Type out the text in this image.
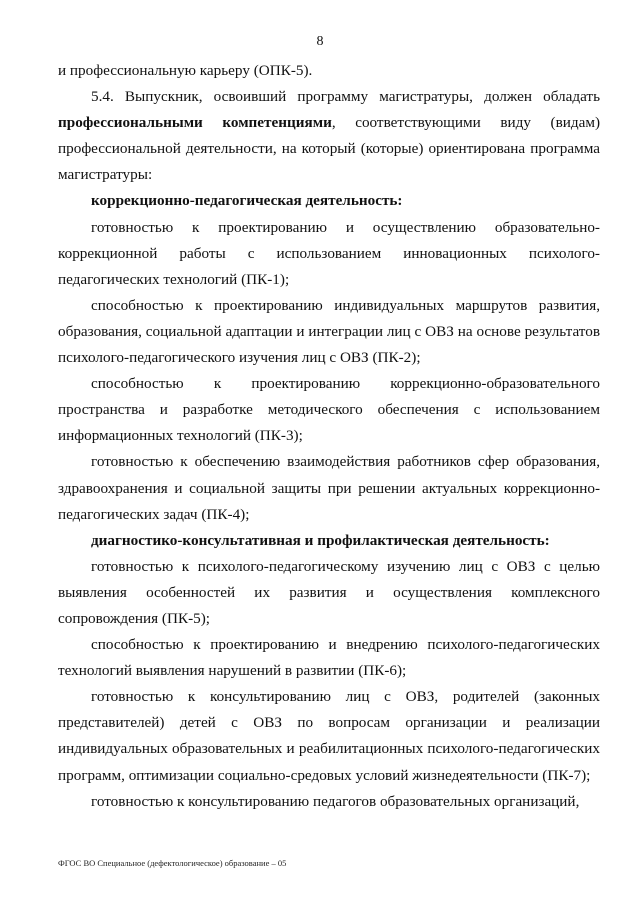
8

и профессиональную карьеру (ОПК-5).

5.4. Выпускник, освоивший программу магистратуры, должен обладать профессиональными компетенциями, соответствующими виду (видам) профессиональной деятельности, на который (которые) ориентирована программа магистратуры:

коррекционно-педагогическая деятельность:

готовностью к проектированию и осуществлению образовательно-коррекционной работы с использованием инновационных психолого-педагогических технологий (ПК-1);

способностью к проектированию индивидуальных маршрутов развития, образования, социальной адаптации и интеграции лиц с ОВЗ на основе результатов психолого-педагогического изучения лиц с ОВЗ (ПК-2);

способностью к проектированию коррекционно-образовательного пространства и разработке методического обеспечения с использованием информационных технологий (ПК-3);

готовностью к обеспечению взаимодействия работников сфер образования, здравоохранения и социальной защиты при решении актуальных коррекционно-педагогических задач (ПК-4);

диагностико-консультативная и профилактическая деятельность:

готовностью к психолого-педагогическому изучению лиц с ОВЗ с целью выявления особенностей их развития и осуществления комплексного сопровождения (ПК-5);

способностью к проектированию и внедрению психолого-педагогических технологий выявления нарушений в развитии (ПК-6);

готовностью к консультированию лиц с ОВЗ, родителей (законных представителей) детей с ОВЗ по вопросам организации и реализации индивидуальных образовательных и реабилитационных психолого-педагогических программ, оптимизации социально-средовых условий жизнедеятельности (ПК-7);

готовностью к консультированию педагогов образовательных организаций,

ФГОС ВО Специальное (дефектологическое) образование – 05
